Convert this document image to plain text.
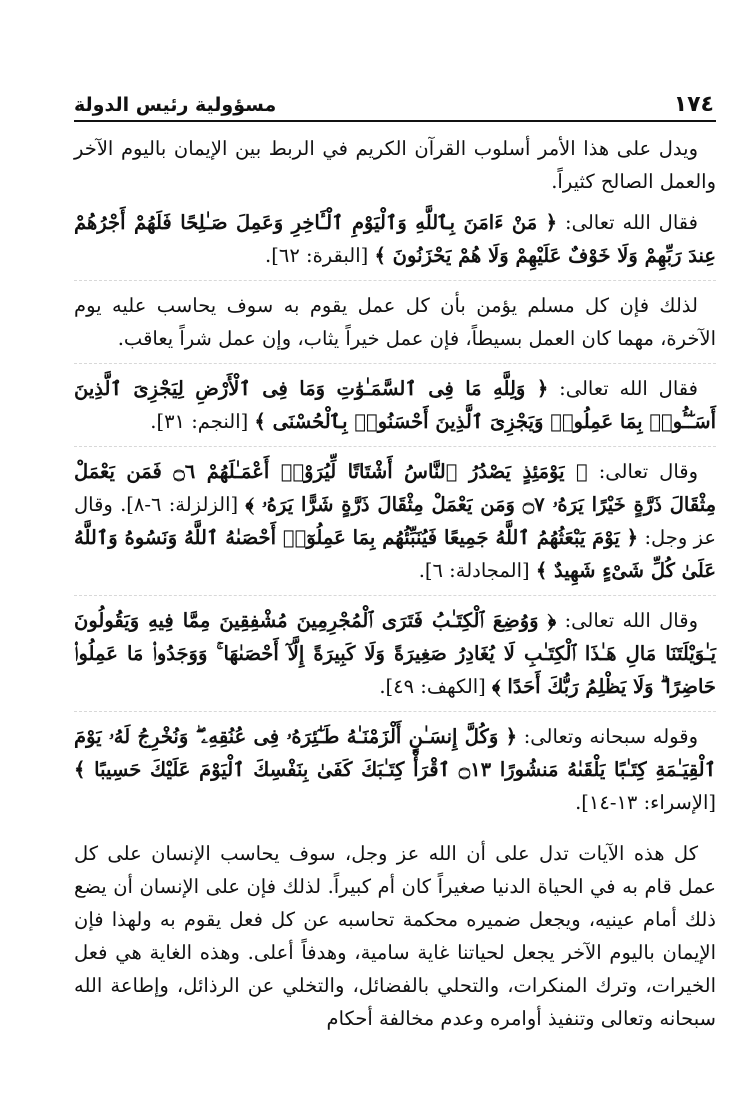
١٧٤
مسؤولية رئيس الدولة

ويدل على هذا الأمر أسلوب القرآن الكريم في الربط بين الإيمان باليوم الآخر والعمل الصالح كثيراً.

فقال الله تعالى: ﴿ مَنْ ءَامَنَ بِٱللَّهِ وَٱلْيَوْمِ ٱلْـَٔاخِرِ وَعَمِلَ صَـٰلِحًا فَلَهُمْ أَجْرُهُمْ عِندَ رَبِّهِمْ وَلَا خَوْفٌ عَلَيْهِمْ وَلَا هُمْ يَحْزَنُونَ ﴾ [البقرة: ٦٢].

لذلك فإن كل مسلم يؤمن بأن كل عمل يقوم به سوف يحاسب عليه يوم الآخرة، مهما كان العمل بسيطاً، فإن عمل خيراً يثاب، وإن عمل شراً يعاقب.

فقال الله تعالى: ﴿ وَلِلَّهِ مَا فِى ٱلسَّمَـٰوَٰتِ وَمَا فِى ٱلْأَرْضِ لِيَجْزِىَ ٱلَّذِينَ أَسَـٰٓـُٔوا۟ بِمَا عَمِلُوا۟ وَيَجْزِىَ ٱلَّذِينَ أَحْسَنُوا۟ بِٱلْحُسْنَى ﴾ [النجم: ٣١].

وقال تعالى: ﴿ يَوْمَئِذٍ يَصْدُرُ ٱلنَّاسُ أَشْتَاتًا لِّيُرَوْا۟ أَعْمَـٰلَهُمْ ۝٦ فَمَن يَعْمَلْ مِثْقَالَ ذَرَّةٍ خَيْرًا يَرَهُۥ ۝٧ وَمَن يَعْمَلْ مِثْقَالَ ذَرَّةٍ شَرًّا يَرَهُۥ ﴾ [الزلزلة: ٦-٨]. وقال عز وجل: ﴿ يَوْمَ يَبْعَثُهُمُ ٱللَّهُ جَمِيعًا فَيُنَبِّئُهُم بِمَا عَمِلُوٓا۟ أَحْصَىٰهُ ٱللَّهُ وَنَسُوهُ وَٱللَّهُ عَلَىٰ كُلِّ شَىْءٍ شَهِيدٌ ﴾ [المجادلة: ٦].

وقال الله تعالى: ﴿ وَوُضِعَ ٱلْكِتَـٰبُ فَتَرَى ٱلْمُجْرِمِينَ مُشْفِقِينَ مِمَّا فِيهِ وَيَقُولُونَ يَـٰوَيْلَتَنَا مَالِ هَـٰذَا ٱلْكِتَـٰبِ لَا يُغَادِرُ صَغِيرَةً وَلَا كَبِيرَةً إِلَّآ أَحْصَىٰهَا ۚ وَوَجَدُوا۟ مَا عَمِلُوا۟ حَاضِرًا ۗ وَلَا يَظْلِمُ رَبُّكَ أَحَدًا ﴾ [الكهف: ٤٩].

وقوله سبحانه وتعالى: ﴿ وَكُلَّ إِنسَـٰنٍ أَلْزَمْنَـٰهُ طَـٰٓئِرَهُۥ فِى عُنُقِهِۦ ۖ وَنُخْرِجُ لَهُۥ يَوْمَ ٱلْقِيَـٰمَةِ كِتَـٰبًا يَلْقَىٰهُ مَنشُورًا ۝١٣ ٱقْرَأْ كِتَـٰبَكَ كَفَىٰ بِنَفْسِكَ ٱلْيَوْمَ عَلَيْكَ حَسِيبًا ﴾ [الإسراء: ١٣-١٤].

كل هذه الآيات تدل على أن الله عز وجل، سوف يحاسب الإنسان على كل عمل قام به في الحياة الدنيا صغيراً كان أم كبيراً. لذلك فإن على الإنسان أن يضع ذلك أمام عينيه، ويجعل ضميره محكمة تحاسبه عن كل فعل يقوم به ولهذا فإن الإيمان باليوم الآخر يجعل لحياتنا غاية سامية، وهدفاً أعلى. وهذه الغاية هي فعل الخيرات، وترك المنكرات، والتحلي بالفضائل، والتخلي عن الرذائل، وإطاعة الله سبحانه وتعالى وتنفيذ أوامره وعدم مخالفة أحكام
